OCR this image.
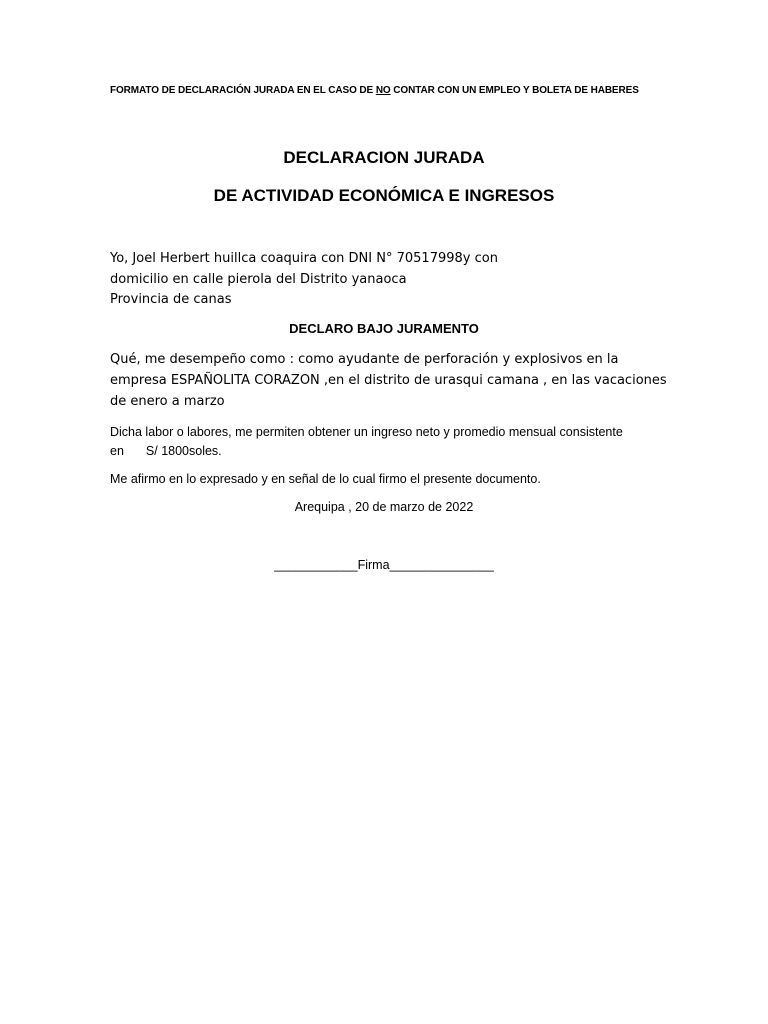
FORMATO DE DECLARACIÓN JURADA EN EL CASO DE NO CONTAR CON UN EMPLEO Y BOLETA DE HABERES
DECLARACION JURADA
DE ACTIVIDAD ECONÓMICA E INGRESOS
Yo, Joel Herbert huillca coaquira con DNI N° 70517998y con
domicilio en calle pierola del Distrito yanaoca
Provincia de canas
DECLARO BAJO JURAMENTO
Qué, me desempeño como : como ayudante de perforación y explosivos en la
empresa ESPAÑOLITA CORAZON ,en el distrito de urasqui camana , en las vacaciones
de enero a marzo
Dicha labor o labores, me permiten obtener un ingreso neto y promedio mensual consistente
en S/ 1800soles.
Me afirmo en lo expresado y en señal de lo cual firmo el presente documento.
Arequipa , 20 de marzo de 2022
____________Firma_______________
